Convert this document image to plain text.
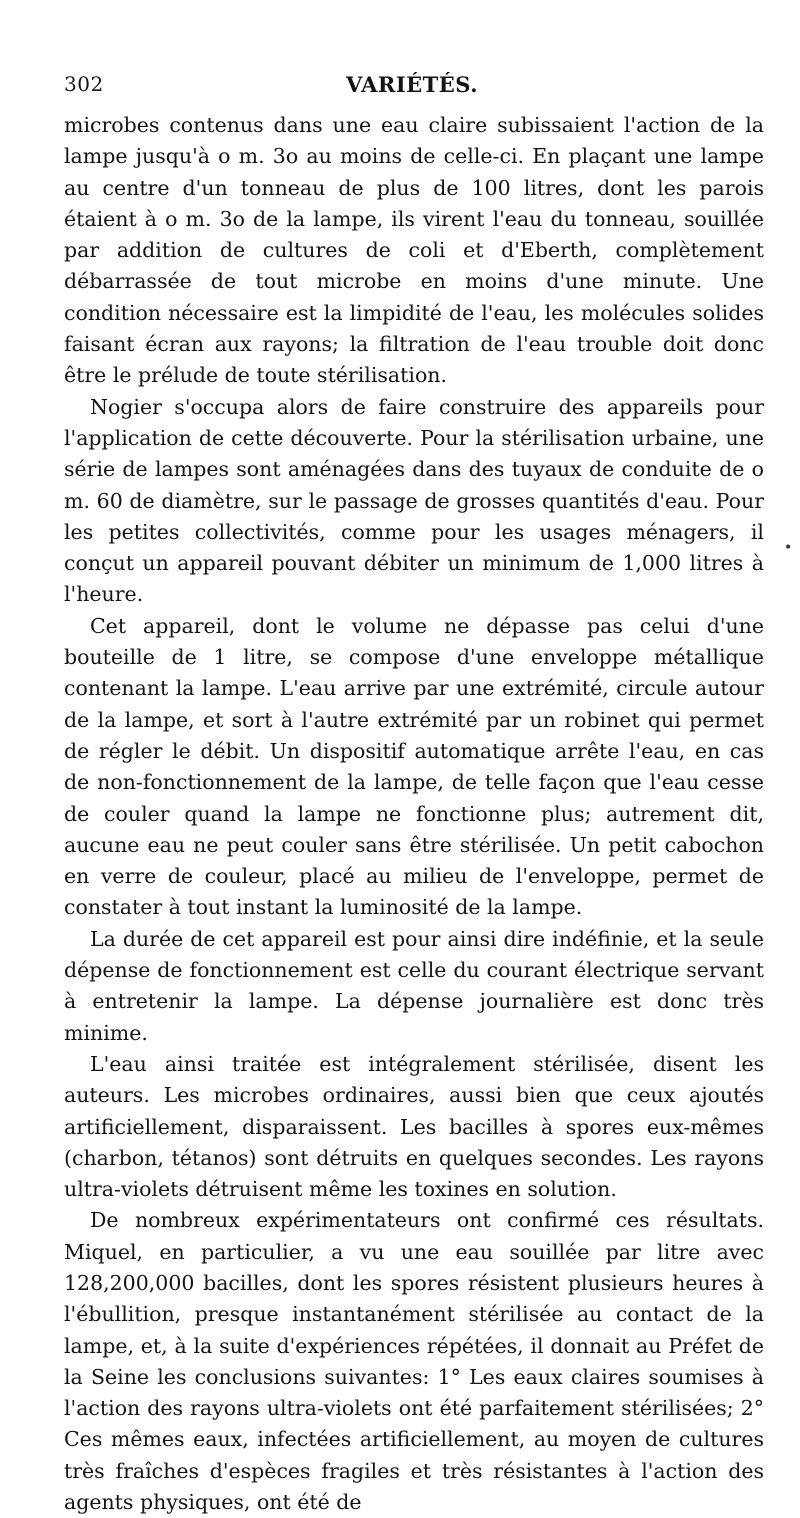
302	VARIÉTÉS.

microbes contenus dans une eau claire subissaient l'action de la lampe jusqu'à o m. 3o au moins de celle-ci. En plaçant une lampe au centre d'un tonneau de plus de 100 litres, dont les parois étaient à o m. 3o de la lampe, ils virent l'eau du tonneau, souillée par addition de cultures de coli et d'Eberth, complètement débarrassée de tout microbe en moins d'une minute. Une condition nécessaire est la limpidité de l'eau, les molécules solides faisant écran aux rayons; la filtration de l'eau trouble doit donc être le prélude de toute stérilisation.

Nogier s'occupa alors de faire construire des appareils pour l'application de cette découverte. Pour la stérilisation urbaine, une série de lampes sont aménagées dans des tuyaux de conduite de o m. 60 de diamètre, sur le passage de grosses quantités d'eau. Pour les petites collectivités, comme pour les usages ménagers, il conçut un appareil pouvant débiter un minimum de 1,000 litres à l'heure.

Cet appareil, dont le volume ne dépasse pas celui d'une bouteille de 1 litre, se compose d'une enveloppe métallique contenant la lampe. L'eau arrive par une extrémité, circule autour de la lampe, et sort à l'autre extrémité par un robinet qui permet de régler le débit. Un dispositif automatique arrête l'eau, en cas de non-fonctionnement de la lampe, de telle façon que l'eau cesse de couler quand la lampe ne fonctionne plus; autrement dit, aucune eau ne peut couler sans être stérilisée. Un petit cabochon en verre de couleur, placé au milieu de l'enveloppe, permet de constater à tout instant la luminosité de la lampe.

La durée de cet appareil est pour ainsi dire indéfinie, et la seule dépense de fonctionnement est celle du courant électrique servant à entretenir la lampe. La dépense journalière est donc très minime.

L'eau ainsi traitée est intégralement stérilisée, disent les auteurs. Les microbes ordinaires, aussi bien que ceux ajoutés artificiellement, disparaissent. Les bacilles à spores eux-mêmes (charbon, tétanos) sont détruits en quelques secondes. Les rayons ultra-violets détruisent même les toxines en solution.

De nombreux expérimentateurs ont confirmé ces résultats. Miquel, en particulier, a vu une eau souillée par litre avec 128,200,000 bacilles, dont les spores résistent plusieurs heures à l'ébullition, presque instantanément stérilisée au contact de la lampe, et, à la suite d'expériences répétées, il donnait au Préfet de la Seine les conclusions suivantes: 1° Les eaux claires soumises à l'action des rayons ultra-violets ont été parfaitement stérilisées; 2° Ces mêmes eaux, infectées artificiellement, au moyen de cultures très fraîches d'espèces fragiles et très résistantes à l'action des agents physiques, ont été de

•
